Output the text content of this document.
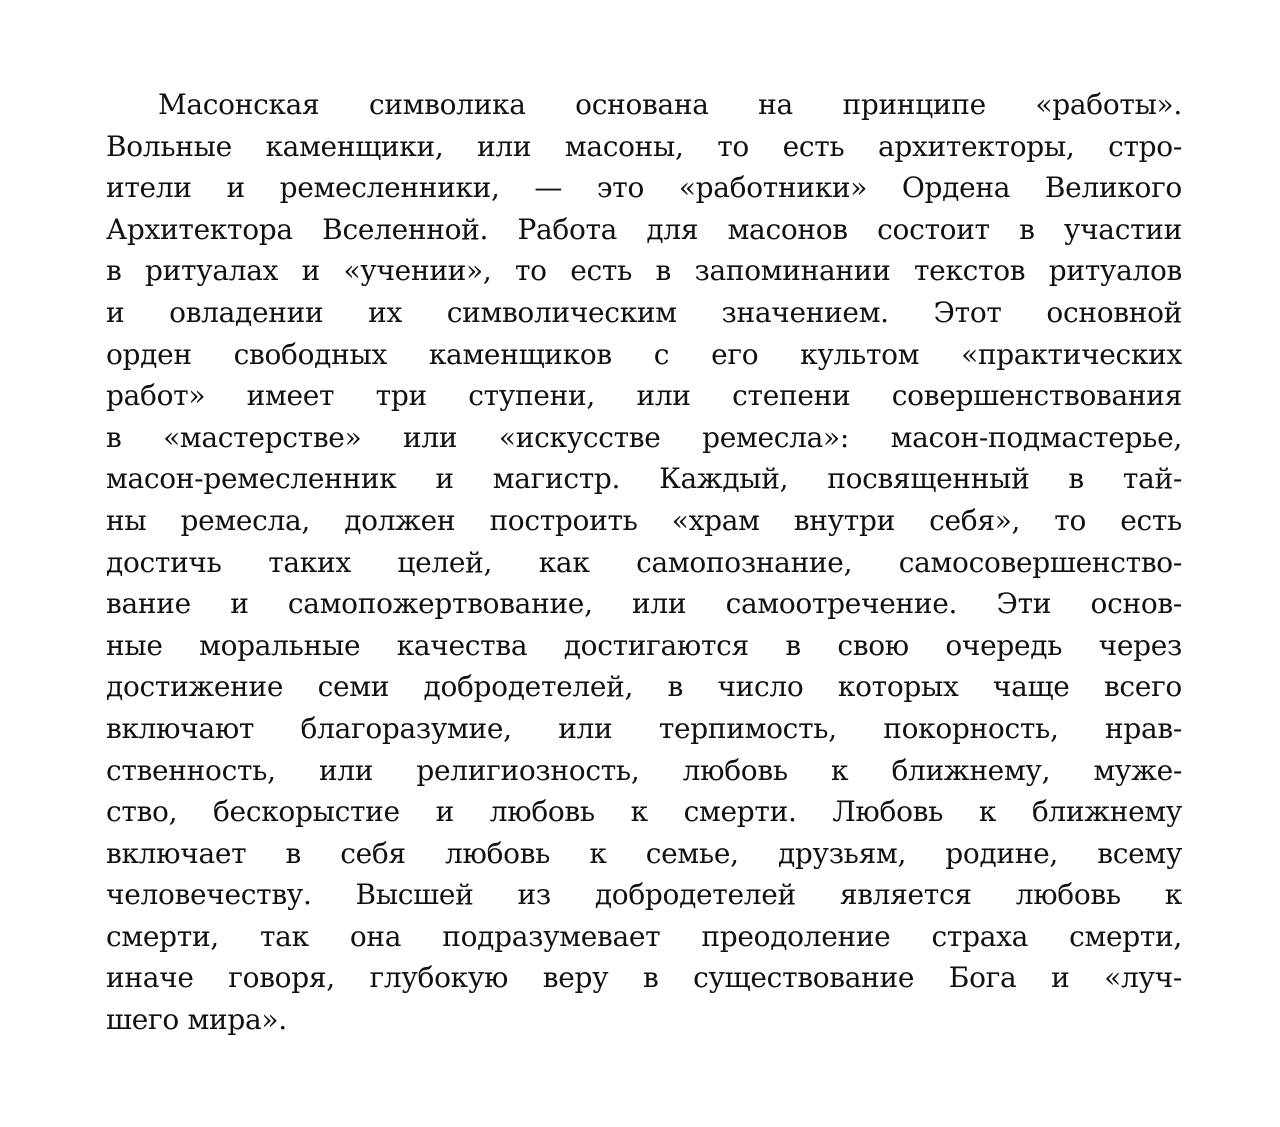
Масонская символика основана на принципе «работы».
Вольные каменщики, или масоны, то есть архитекторы, стро-
ители и ремесленники, — это «работники» Ордена Великого
Архитектора Вселенной. Работа для масонов состоит в участии
в ритуалах и «учении», то есть в запоминании текстов ритуалов
и овладении их символическим значением. Этот основной
орден свободных каменщиков с его культом «практических
работ» имеет три ступени, или степени совершенствования
в «мастерстве» или «искусстве ремесла»: масон-подмастерье,
масон-ремесленник и магистр. Каждый, посвященный в тай-
ны ремесла, должен построить «храм внутри себя», то есть
достичь таких целей, как самопознание, самосовершенство-
вание и самопожертвование, или самоотречение. Эти основ-
ные моральные качества достигаются в свою очередь через
достижение семи добродетелей, в число которых чаще всего
включают благоразумие, или терпимость, покорность, нрав-
ственность, или религиозность, любовь к ближнему, муже-
ство, бескорыстие и любовь к смерти. Любовь к ближнему
включает в себя любовь к семье, друзьям, родине, всему
человечеству. Высшей из добродетелей является любовь к
смерти, так она подразумевает преодоление страха смерти,
иначе говоря, глубокую веру в существование Бога и «луч-
шего мира».
